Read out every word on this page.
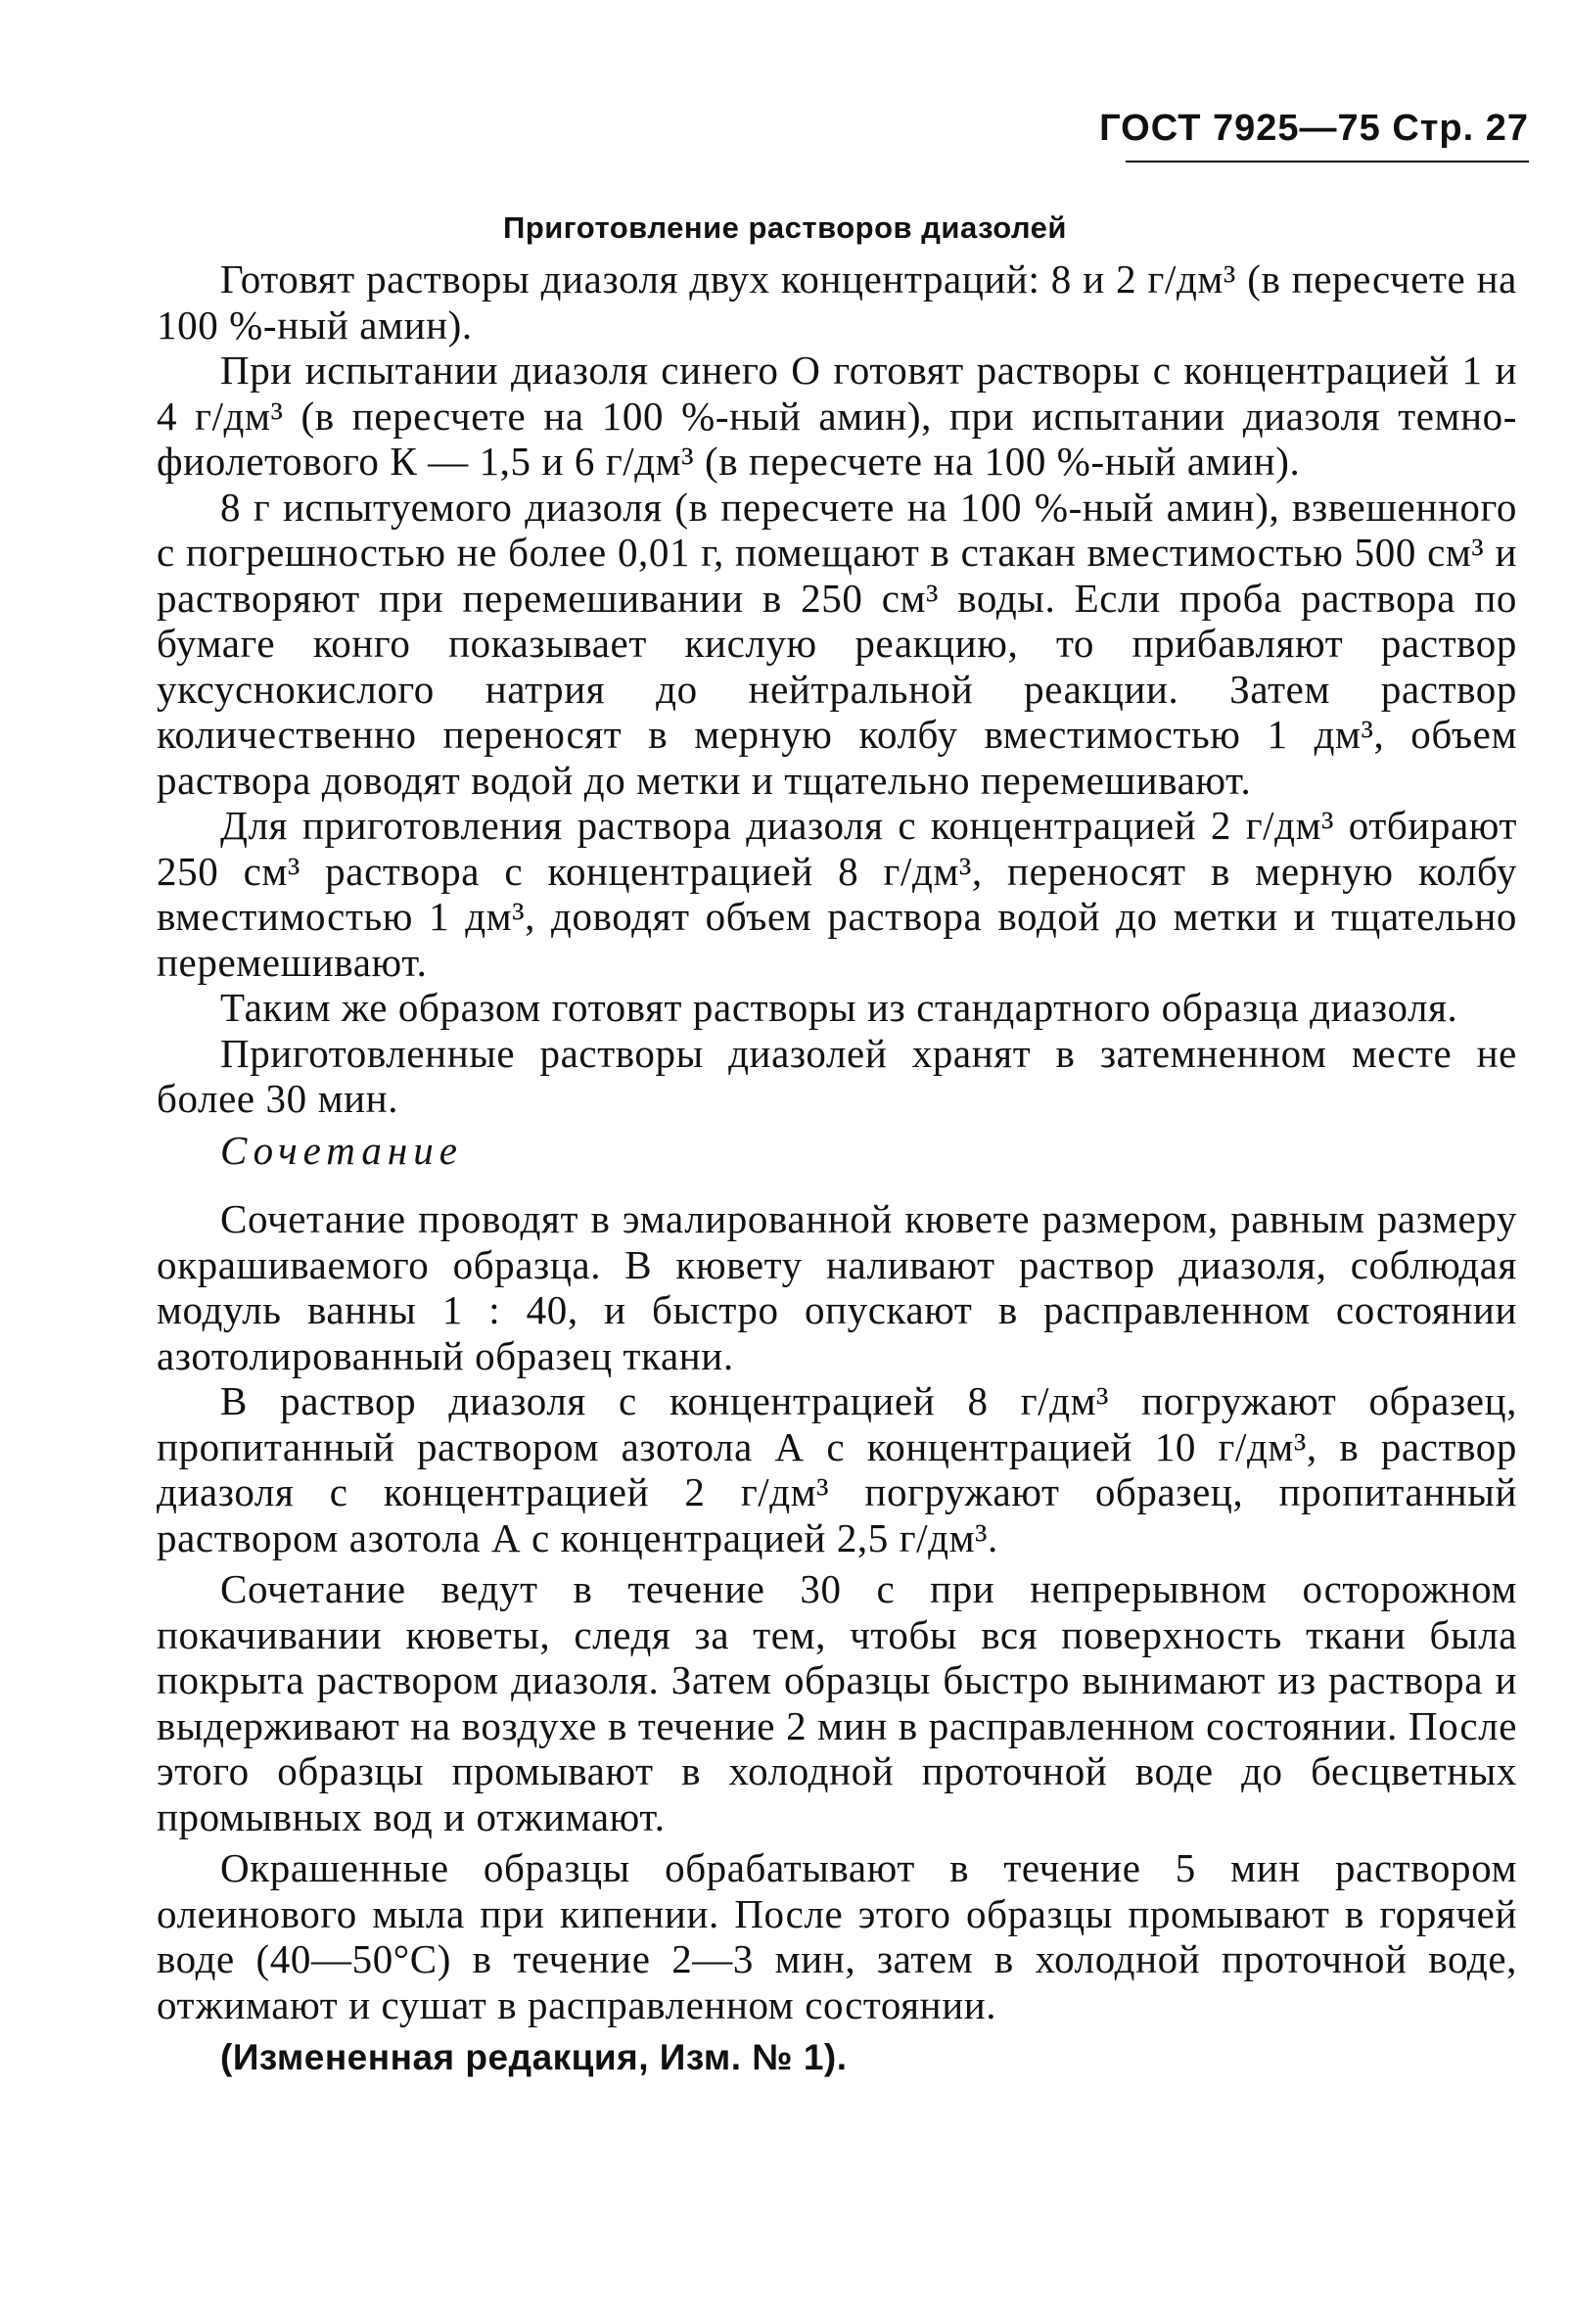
ГОСТ 7925—75 Стр. 27
Приготовление растворов диазолей

Готовят растворы диазоля двух концентраций: 8 и 2 г/дм³ (в пересчете на 100 %-ный амин).

При испытании диазоля синего О готовят растворы с концентрацией 1 и 4 г/дм³ (в пересчете на 100 %-ный амин), при испытании диазоля темно-фиолетового К — 1,5 и 6 г/дм³ (в пересчете на 100 %-ный амин).

8 г испытуемого диазоля (в пересчете на 100 %-ный амин), взвешенного с погрешностью не более 0,01 г, помещают в стакан вместимостью 500 см³ и растворяют при перемешивании в 250 см³ воды. Если проба раствора по бумаге конго показывает кислую реакцию, то прибавляют раствор уксуснокислого натрия до нейтральной реакции. Затем раствор количественно переносят в мерную колбу вместимостью 1 дм³, объем раствора доводят водой до метки и тщательно перемешивают.

Для приготовления раствора диазоля с концентрацией 2 г/дм³ отбирают 250 см³ раствора с концентрацией 8 г/дм³, переносят в мерную колбу вместимостью 1 дм³, доводят объем раствора водой до метки и тщательно перемешивают.

Таким же образом готовят растворы из стандартного образца диазоля.

Приготовленные растворы диазолей хранят в затемненном месте не более 30 мин.

Сочетание

Сочетание проводят в эмалированной кювете размером, равным размеру окрашиваемого образца. В кювету наливают раствор диазоля, соблюдая модуль ванны 1 : 40, и быстро опускают в расправленном состоянии азотолированный образец ткани.

В раствор диазоля с концентрацией 8 г/дм³ погружают образец, пропитанный раствором азотола А с концентрацией 10 г/дм³, в раствор диазоля с концентрацией 2 г/дм³ погружают образец, пропитанный раствором азотола А с концентрацией 2,5 г/дм³.

Сочетание ведут в течение 30 с при непрерывном осторожном покачивании кюветы, следя за тем, чтобы вся поверхность ткани была покрыта раствором диазоля. Затем образцы быстро вынимают из раствора и выдерживают на воздухе в течение 2 мин в расправленном состоянии. После этого образцы промывают в холодной проточной воде до бесцветных промывных вод и отжимают.

Окрашенные образцы обрабатывают в течение 5 мин раствором олеинового мыла при кипении. После этого образцы промывают в горячей воде (40—50°С) в течение 2—3 мин, затем в холодной проточной воде, отжимают и сушат в расправленном состоянии.

(Измененная редакция, Изм. № 1).
